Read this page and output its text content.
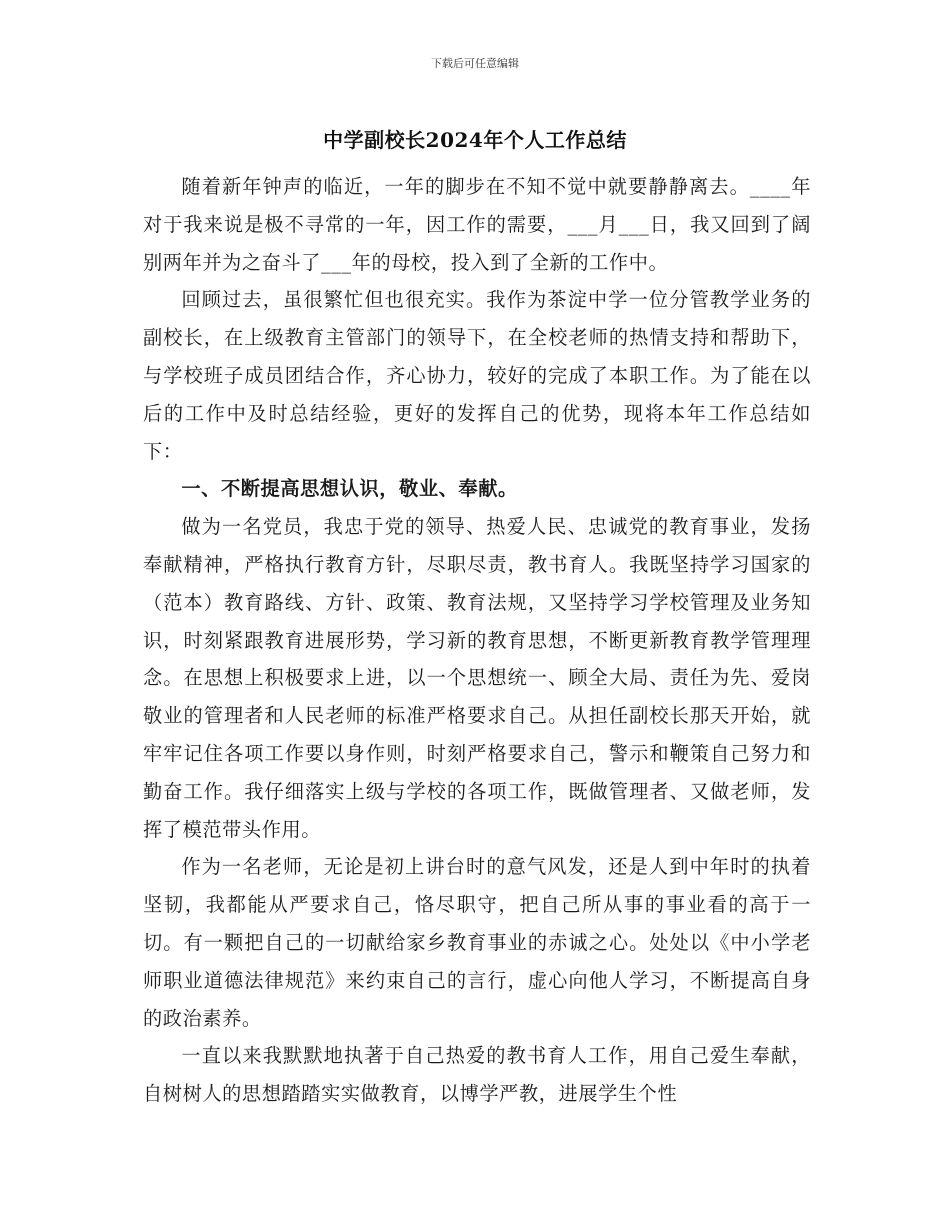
下载后可任意编辑
中学副校长2024年个人工作总结

随着新年钟声的临近，一年的脚步在不知不觉中就要静静离去。____年对于我来说是极不寻常的一年，因工作的需要，___月___日，我又回到了阔别两年并为之奋斗了___年的母校，投入到了全新的工作中。

回顾过去，虽很繁忙但也很充实。我作为茶淀中学一位分管教学业务的副校长，在上级教育主管部门的领导下，在全校老师的热情支持和帮助下，与学校班子成员团结合作，齐心协力，较好的完成了本职工作。为了能在以后的工作中及时总结经验，更好的发挥自己的优势，现将本年工作总结如下：

一、不断提高思想认识，敬业、奉献。

做为一名党员，我忠于党的领导、热爱人民、忠诚党的教育事业，发扬奉献精神，严格执行教育方针，尽职尽责，教书育人。我既坚持学习国家的（范本）教育路线、方针、政策、教育法规，又坚持学习学校管理及业务知识，时刻紧跟教育进展形势，学习新的教育思想，不断更新教育教学管理理念。在思想上积极要求上进，以一个思想统一、顾全大局、责任为先、爱岗敬业的管理者和人民老师的标准严格要求自己。从担任副校长那天开始，就牢牢记住各项工作要以身作则，时刻严格要求自己，警示和鞭策自己努力和勤奋工作。我仔细落实上级与学校的各项工作，既做管理者、又做老师，发挥了模范带头作用。

作为一名老师，无论是初上讲台时的意气风发，还是人到中年时的执着坚韧，我都能从严要求自己，恪尽职守，把自己所从事的事业看的高于一切。有一颗把自己的一切献给家乡教育事业的赤诚之心。处处以《中小学老师职业道德法律规范》来约束自己的言行，虚心向他人学习，不断提高自身的政治素养。

一直以来我默默地执著于自己热爱的教书育人工作，用自己爱生奉献，自树树人的思想踏踏实实做教育，以博学严教，进展学生个性
